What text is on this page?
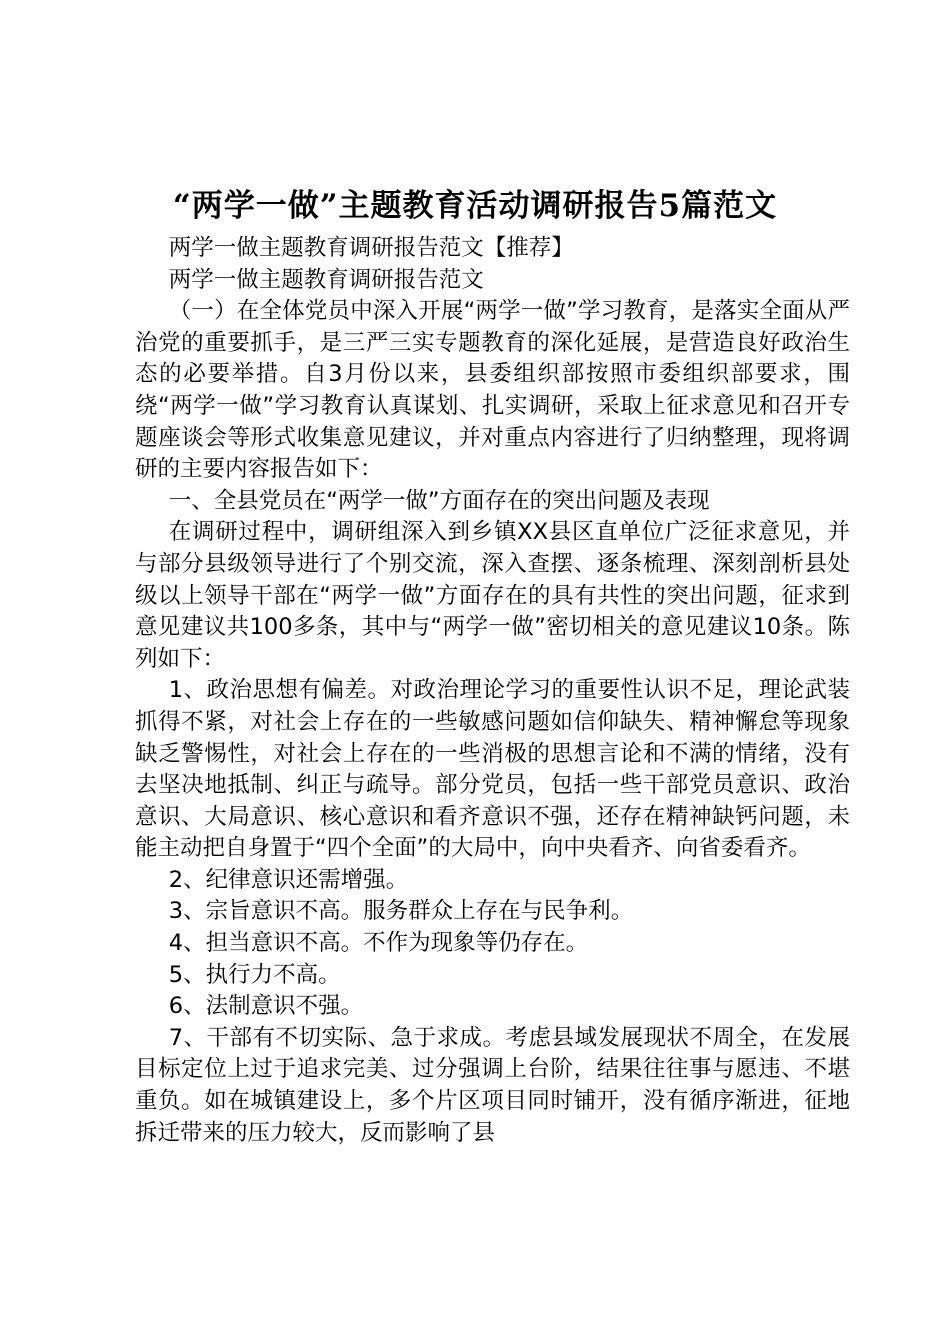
“两学一做”主题教育活动调研报告5篇范文

两学一做主题教育调研报告范文【推荐】

两学一做主题教育调研报告范文

（一）在全体党员中深入开展“两学一做”学习教育，是落实全面从严治党的重要抓手，是三严三实专题教育的深化延展，是营造良好政治生态的必要举措。自3月份以来，县委组织部按照市委组织部要求，围绕“两学一做”学习教育认真谋划、扎实调研，采取上征求意见和召开专题座谈会等形式收集意见建议，并对重点内容进行了归纳整理，现将调研的主要内容报告如下：

一、全县党员在“两学一做”方面存在的突出问题及表现

在调研过程中，调研组深入到乡镇XX县区直单位广泛征求意见，并与部分县级领导进行了个别交流，深入查摆、逐条梳理、深刻剖析县处级以上领导干部在“两学一做”方面存在的具有共性的突出问题，征求到意见建议共100多条，其中与“两学一做”密切相关的意见建议10条。陈列如下：

1、政治思想有偏差。对政治理论学习的重要性认识不足，理论武装抓得不紧，对社会上存在的一些敏感问题如信仰缺失、精神懈怠等现象缺乏警惕性，对社会上存在的一些消极的思想言论和不满的情绪，没有去坚决地抵制、纠正与疏导。部分党员，包括一些干部党员意识、政治意识、大局意识、核心意识和看齐意识不强，还存在精神缺钙问题，未能主动把自身置于“四个全面”的大局中，向中央看齐、向省委看齐。

2、纪律意识还需增强。

3、宗旨意识不高。服务群众上存在与民争利。

4、担当意识不高。不作为现象等仍存在。

5、执行力不高。

6、法制意识不强。

7、干部有不切实际、急于求成。考虑县域发展现状不周全，在发展目标定位上过于追求完美、过分强调上台阶，结果往往事与愿违、不堪重负。如在城镇建设上，多个片区项目同时铺开，没有循序渐进，征地拆迁带来的压力较大，反而影响了县
